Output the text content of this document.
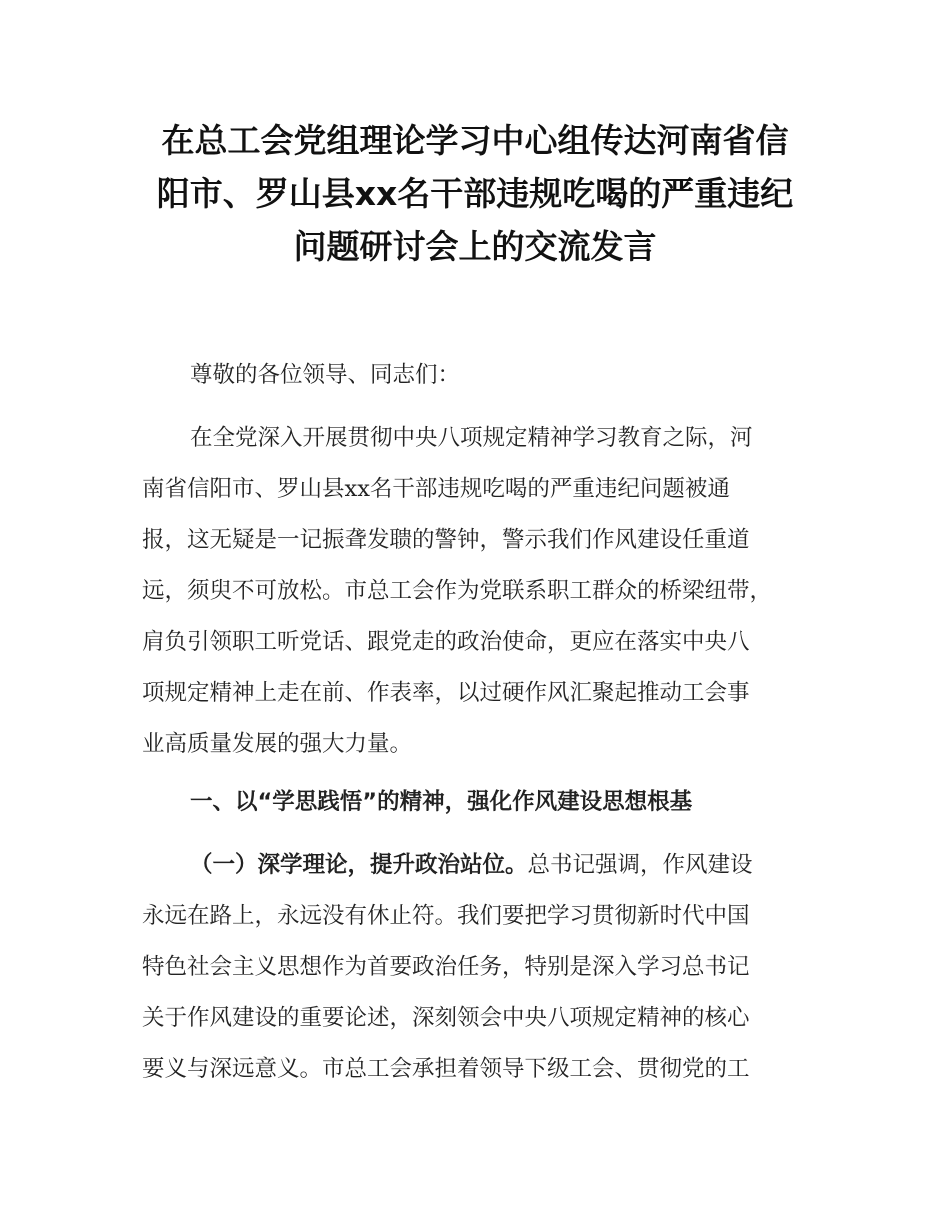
在总工会党组理论学习中心组传达河南省信
阳市、罗山县xx名干部违规吃喝的严重违纪
问题研讨会上的交流发言
尊敬的各位领导、同志们：
在全党深入开展贯彻中央八项规定精神学习教育之际，河
南省信阳市、罗山县xx名干部违规吃喝的严重违纪问题被通
报，这无疑是一记振聋发聩的警钟，警示我们作风建设任重道
远，须臾不可放松。市总工会作为党联系职工群众的桥梁纽带，
肩负引领职工听党话、跟党走的政治使命，更应在落实中央八
项规定精神上走在前、作表率，以过硬作风汇聚起推动工会事
业高质量发展的强大力量。
一、以“学思践悟”的精神，强化作风建设思想根基
（一）深学理论，提升政治站位。总书记强调，作风建设
永远在路上，永远没有休止符。我们要把学习贯彻新时代中国
特色社会主义思想作为首要政治任务，特别是深入学习总书记
关于作风建设的重要论述，深刻领会中央八项规定精神的核心
要义与深远意义。市总工会承担着领导下级工会、贯彻党的工
